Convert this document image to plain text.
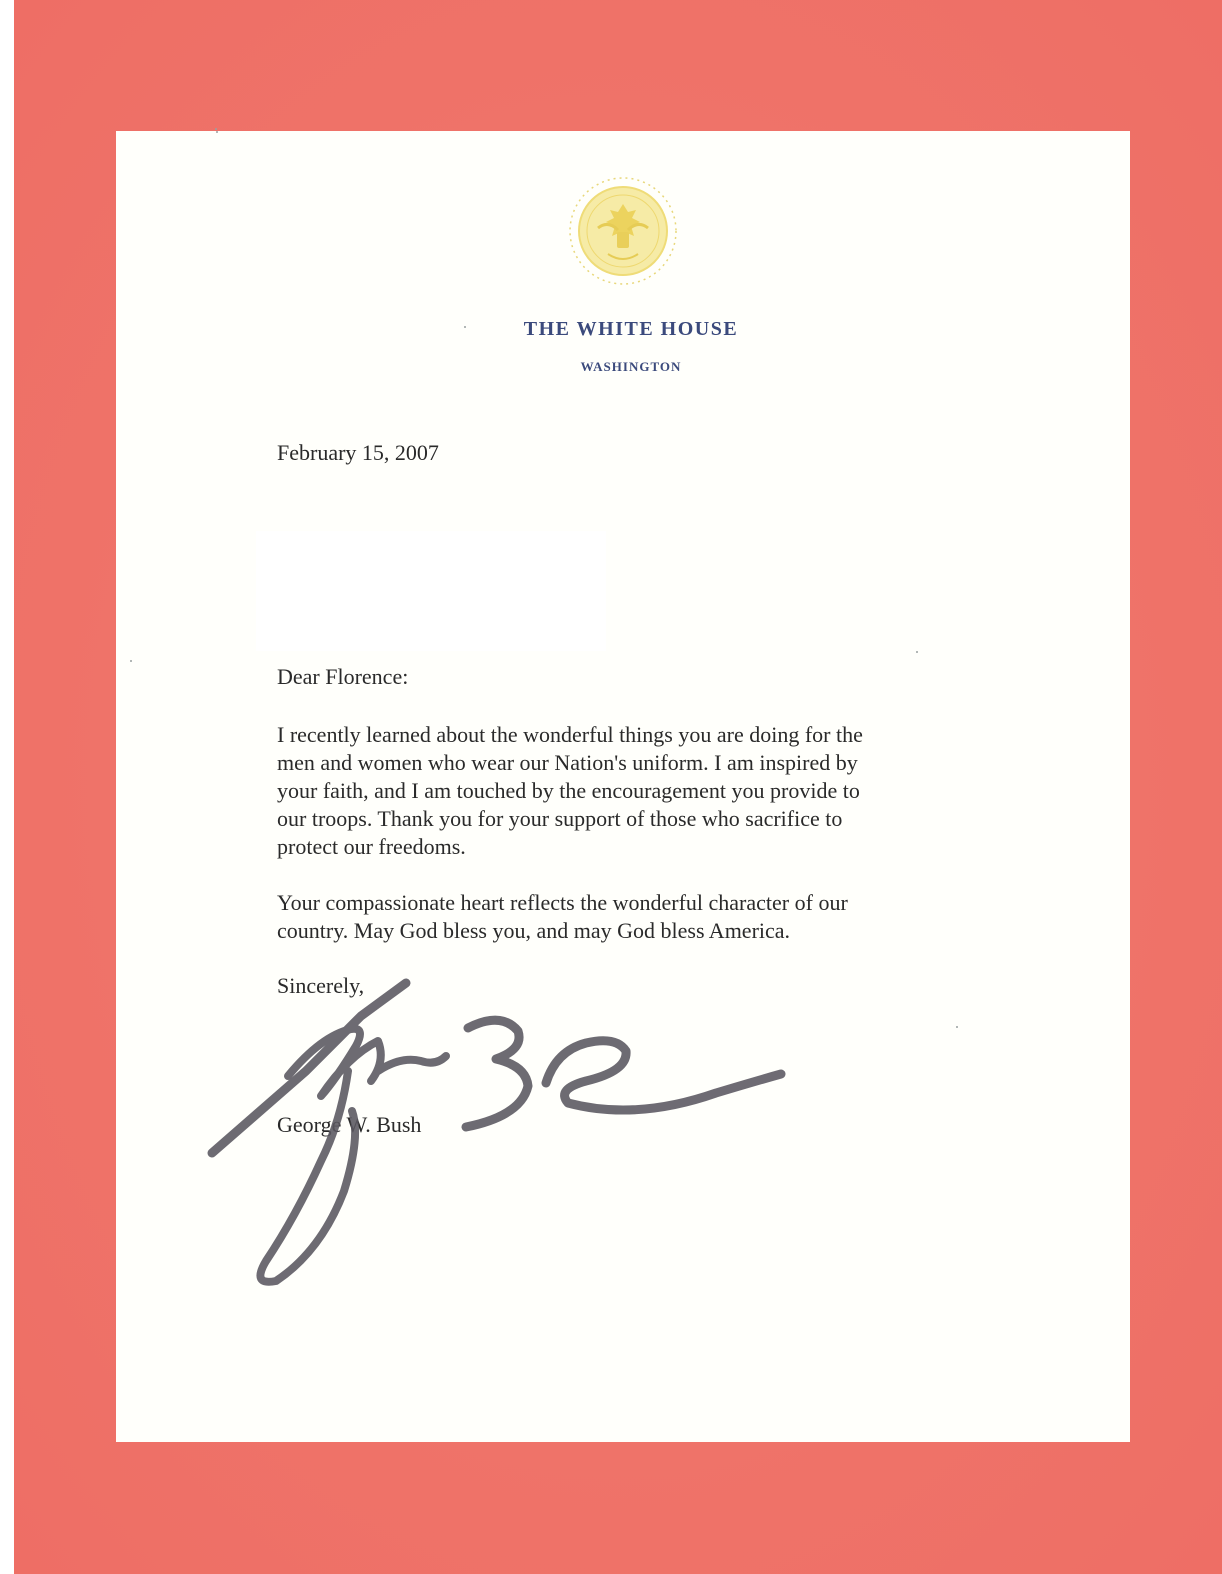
THE WHITE HOUSE
WASHINGTON
February 15, 2007
Dear Florence:
I recently learned about the wonderful things you are doing for the
men and women who wear our Nation's uniform. I am inspired by
your faith, and I am touched by the encouragement you provide to
our troops. Thank you for your support of those who sacrifice to
protect our freedoms.
Your compassionate heart reflects the wonderful character of our
country. May God bless you, and may God bless America.
Sincerely,
George W. Bush
